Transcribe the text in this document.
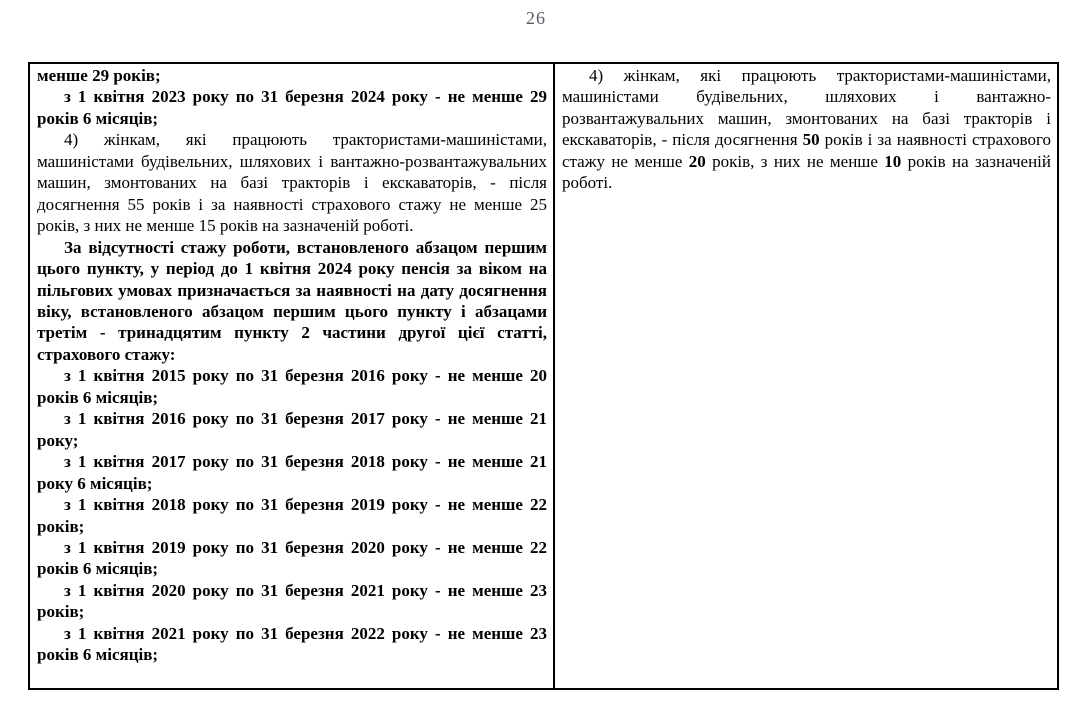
26

менше 29 років;

з 1 квітня 2023 року по 31 березня 2024 року - не менше 29 років 6 місяців;

4) жінкам, які працюють трактористами-машиністами, машиністами будівельних, шляхових і вантажно-розвантажувальних машин, змонтованих на базі тракторів і екскаваторів, - після досягнення 55 років і за наявності страхового стажу не менше 25 років, з них не менше 15 років на зазначеній роботі.

За відсутності стажу роботи, встановленого абзацом першим цього пункту, у період до 1 квітня 2024 року пенсія за віком на пільгових умовах призначається за наявності на дату досягнення віку, встановленого абзацом першим цього пункту і абзацами третім - тринадцятим пункту 2 частини другої цієї статті, страхового стажу:

з 1 квітня 2015 року по 31 березня 2016 року - не менше 20 років 6 місяців;

з 1 квітня 2016 року по 31 березня 2017 року - не менше 21 року;

з 1 квітня 2017 року по 31 березня 2018 року - не менше 21 року 6 місяців;

з 1 квітня 2018 року по 31 березня 2019 року - не менше 22 років;

з 1 квітня 2019 року по 31 березня 2020 року - не менше 22 років 6 місяців;

з 1 квітня 2020 року по 31 березня 2021 року - не менше 23 років;

з 1 квітня 2021 року по 31 березня 2022 року - не менше 23 років 6 місяців;

4) жінкам, які працюють трактористами-машиністами, машиністами будівельних, шляхових і вантажно-розвантажувальних машин, змонтованих на базі тракторів і екскаваторів, - після досягнення 50 років і за наявності страхового стажу не менше 20 років, з них не менше 10 років на зазначеній роботі.
